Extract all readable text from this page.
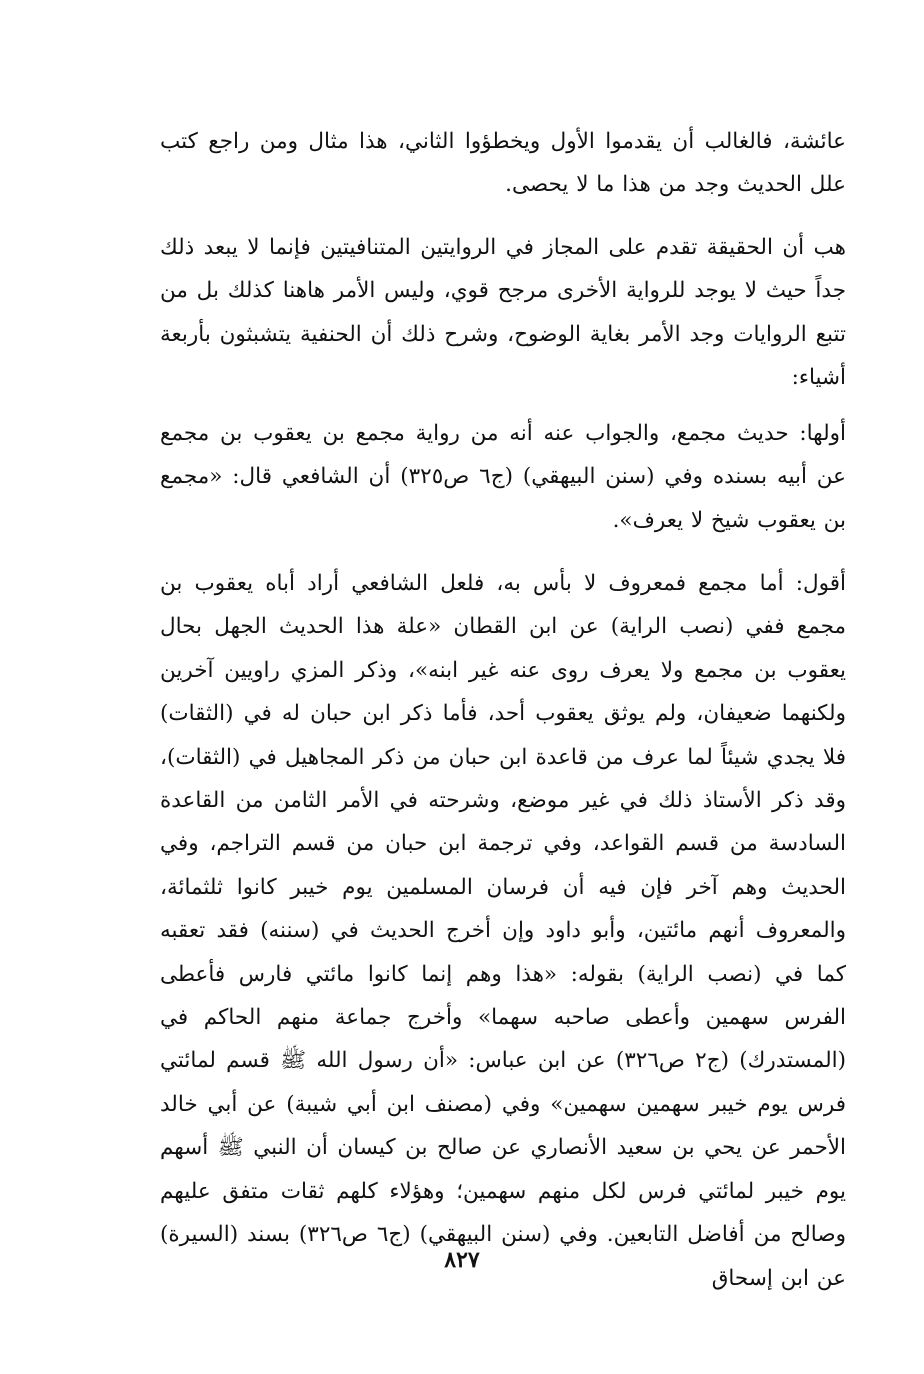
عائشة، فالغالب أن يقدموا الأول ويخطؤوا الثاني، هذا مثال ومن راجع كتب علل الحديث وجد من هذا ما لا يحصى.

هب أن الحقيقة تقدم على المجاز في الروايتين المتنافيتين فإنما لا يبعد ذلك جداً حيث لا يوجد للرواية الأخرى مرجح قوي، وليس الأمر هاهنا كذلك بل من تتبع الروايات وجد الأمر بغاية الوضوح، وشرح ذلك أن الحنفية يتشبثون بأربعة أشياء:

أولها: حديث مجمع، والجواب عنه أنه من رواية مجمع بن يعقوب بن مجمع عن أبيه بسنده وفي (سنن البيهقي) (ج٦ ص٣٢٥) أن الشافعي قال: «مجمع بن يعقوب شيخ لا يعرف».

أقول: أما مجمع فمعروف لا بأس به، فلعل الشافعي أراد أباه يعقوب بن مجمع ففي (نصب الراية) عن ابن القطان «علة هذا الحديث الجهل بحال يعقوب بن مجمع ولا يعرف روى عنه غير ابنه»، وذكر المزي راويين آخرين ولكنهما ضعيفان، ولم يوثق يعقوب أحد، فأما ذكر ابن حبان له في (الثقات) فلا يجدي شيئاً لما عرف من قاعدة ابن حبان من ذكر المجاهيل في (الثقات)، وقد ذكر الأستاذ ذلك في غير موضع، وشرحته في الأمر الثامن من القاعدة السادسة من قسم القواعد، وفي ترجمة ابن حبان من قسم التراجم، وفي الحديث وهم آخر فإن فيه أن فرسان المسلمين يوم خيبر كانوا ثلثمائة، والمعروف أنهم مائتين، وأبو داود وإن أخرج الحديث في (سننه) فقد تعقبه كما في (نصب الراية) بقوله: «هذا وهم إنما كانوا مائتي فارس فأعطى الفرس سهمين وأعطى صاحبه سهما» وأخرج جماعة منهم الحاكم في (المستدرك) (ج٢ ص٣٢٦) عن ابن عباس: «أن رسول الله ﷺ قسم لمائتي فرس يوم خيبر سهمين سهمين» وفي (مصنف ابن أبي شيبة) عن أبي خالد الأحمر عن يحي بن سعيد الأنصاري عن صالح بن كيسان أن النبي ﷺ أسهم يوم خيبر لمائتي فرس لكل منهم سهمين؛ وهؤلاء كلهم ثقات متفق عليهم وصالح من أفاضل التابعين. وفي (سنن البيهقي) (ج٦ ص٣٢٦) بسند (السيرة) عن ابن إسحاق

٨٢٧
